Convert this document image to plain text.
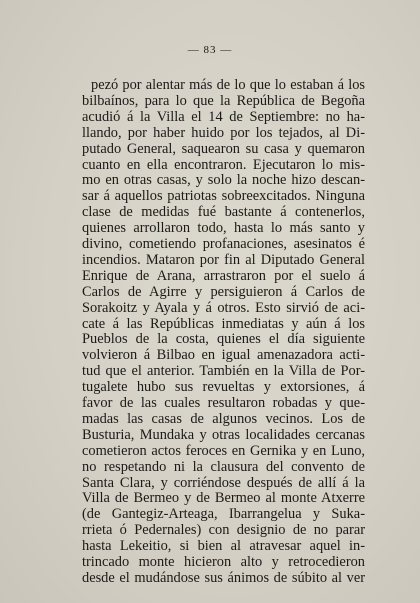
— 83 —
pezó por alentar más de lo que lo estaban á los
bilbaínos, para lo que la República de Begoña
acudió á la Villa el 14 de Septiembre: no ha-
llando, por haber huido por los tejados, al Di-
putado General, saquearon su casa y quemaron
cuanto en ella encontraron. Ejecutaron lo mis-
mo en otras casas, y solo la noche hizo descan-
sar á aquellos patriotas sobreexcitados. Ninguna
clase de medidas fué bastante á contenerlos,
quienes arrollaron todo, hasta lo más santo y
divino, cometiendo profanaciones, asesinatos é
incendios. Mataron por fin al Diputado General
Enrique de Arana, arrastraron por el suelo á
Carlos de Agirre y persiguieron á Carlos de
Sorakoitz y Ayala y á otros. Esto sirvió de aci-
cate á las Repúblicas inmediatas y aún á los
Pueblos de la costa, quienes el día siguiente
volvieron á Bilbao en igual amenazadora acti-
tud que el anterior. También en la Villa de Por-
tugalete hubo sus revueltas y extorsiones, á
favor de las cuales resultaron robadas y que-
madas las casas de algunos vecinos. Los de
Busturia, Mundaka y otras localidades cercanas
cometieron actos feroces en Gernika y en Luno,
no respetando ni la clausura del convento de
Santa Clara, y corriéndose después de allí á la
Villa de Bermeo y de Bermeo al monte Atxerre
(de Gantegiz-Arteaga, Ibarrangelua y Suka-
rrieta ó Pedernales) con designio de no parar
hasta Lekeitio, si bien al atravesar aquel in-
trincado monte hicieron alto y retrocedieron
desde el mudándose sus ánimos de súbito al ver
